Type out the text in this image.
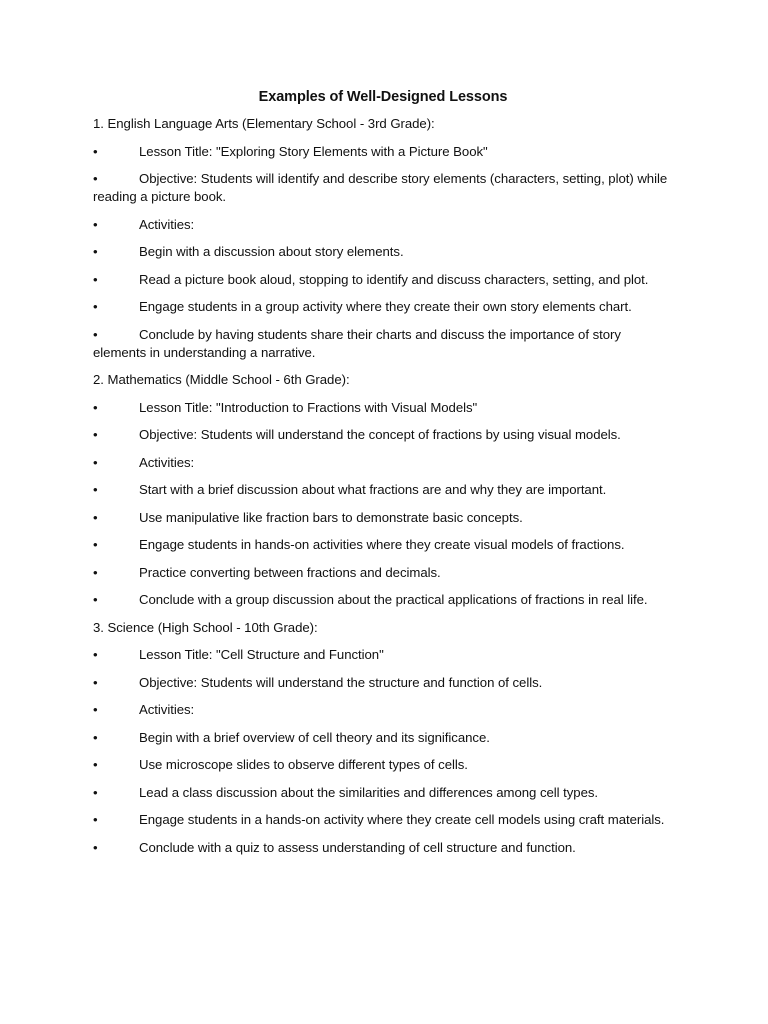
Examples of Well-Designed Lessons
1. English Language Arts (Elementary School - 3rd Grade):
•	Lesson Title: "Exploring Story Elements with a Picture Book"
•	Objective: Students will identify and describe story elements (characters, setting, plot) while reading a picture book.
•	Activities:
•	Begin with a discussion about story elements.
•	Read a picture book aloud, stopping to identify and discuss characters, setting, and plot.
•	Engage students in a group activity where they create their own story elements chart.
•	Conclude by having students share their charts and discuss the importance of story elements in understanding a narrative.
2. Mathematics (Middle School - 6th Grade):
•	Lesson Title: "Introduction to Fractions with Visual Models"
•	Objective: Students will understand the concept of fractions by using visual models.
•	Activities:
•	Start with a brief discussion about what fractions are and why they are important.
•	Use manipulative like fraction bars to demonstrate basic concepts.
•	Engage students in hands-on activities where they create visual models of fractions.
•	Practice converting between fractions and decimals.
•	Conclude with a group discussion about the practical applications of fractions in real life.
3. Science (High School - 10th Grade):
•	Lesson Title: "Cell Structure and Function"
•	Objective: Students will understand the structure and function of cells.
•	Activities:
•	Begin with a brief overview of cell theory and its significance.
•	Use microscope slides to observe different types of cells.
•	Lead a class discussion about the similarities and differences among cell types.
•	Engage students in a hands-on activity where they create cell models using craft materials.
•	Conclude with a quiz to assess understanding of cell structure and function.
